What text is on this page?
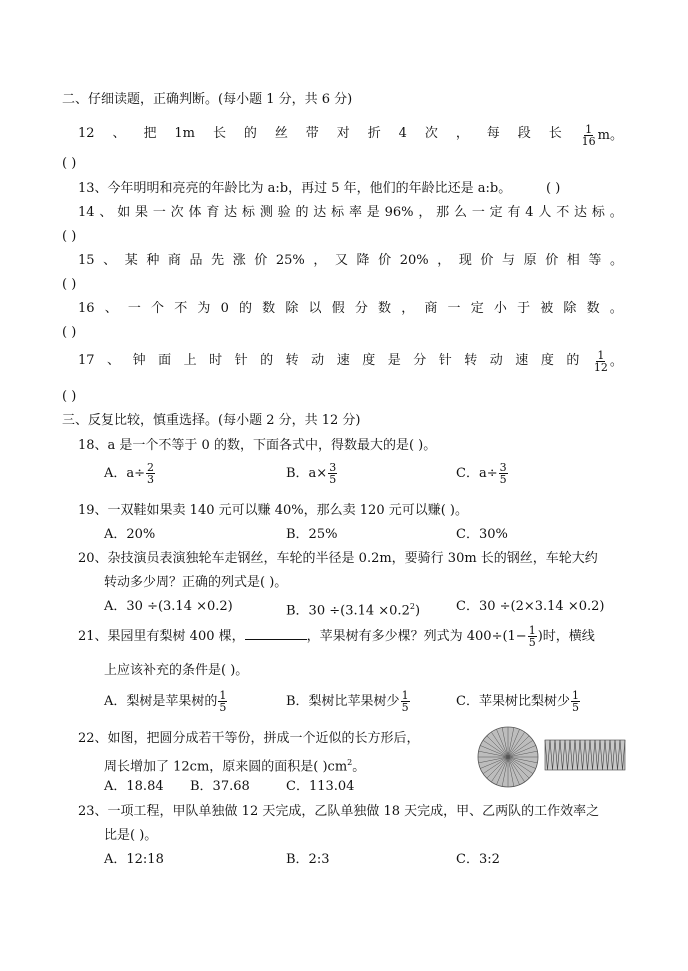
二、仔细读题，正确判断。(每小题 1 分，共 6 分)
12 、 把 1m 长 的 丝 带 对 折 4 次 ， 每 段 长 $\frac{1}{16}$ m。
( )
13、今年明明和亮亮的年龄比为 a:b，再过 5 年，他们的年龄比还是 a:b。	( )
14 、 如 果 一 次 体 育 达 标 测 验 的 达 标 率 是 96% ， 那 么 一 定 有 4 人 不 达 标 。
( )
15 、 某 种 商 品 先 涨 价 25% ， 又 降 价 20% ， 现 价 与 原 价 相 等 。
( )
16 、 一 个 不 为 0 的 数 除 以 假 分 数 ， 商 一 定 小 于 被 除 数 。
( )
17 、 钟 面 上 时 针 的 转 动 速 度 是 分 针 转 动 速 度 的 $\frac{1}{12}$ 。
( )
三、反复比较，慎重选择。(每小题 2 分，共 12 分)
18、a 是一个不等于 0 的数，下面各式中，得数最大的是( )。
A．$a\div \frac{2}{3}$	B．$a\times \frac{3}{5}$	C．$a\div \frac{3}{5}$
19、一双鞋如果卖 140 元可以赚 40%，那么卖 120 元可以赚( )。
A．20%	B．25%	C．30%
20、杂技演员表演独轮车走钢丝，车轮的半径是 0.2m，要骑行 30m 长的钢丝，车轮大约
转动多少周？正确的列式是( )。
A．30 ÷(3.14 ×0.2)	B．$30 \div(3.14 \times 0.2^2)$	C．30 ÷(2×3.14 ×0.2)
21、果园里有梨树 400 棵，	，苹果树有多少棵？列式为 $400\div(1- \frac{1}{5}$ )时，横线
上应该补充的条件是( )。
A．梨树是苹果树的 $\frac{1}{5}$	B．梨树比苹果树少 $\frac{1}{5}$	C．苹果树比梨树少 $\frac{1}{5}$
22、如图，把圆分成若干等份，拼成一个近似的长方形后，
周长增加了 12cm，原来圆的面积是( )$cm^2$。
A．18.84 B．37.68	C．113.04
23、一项工程，甲队单独做 12 天完成，乙队单独做 18 天完成，甲、乙两队的工作效率之
比是( )。
A．12:18	B．2:3	C．3:2
